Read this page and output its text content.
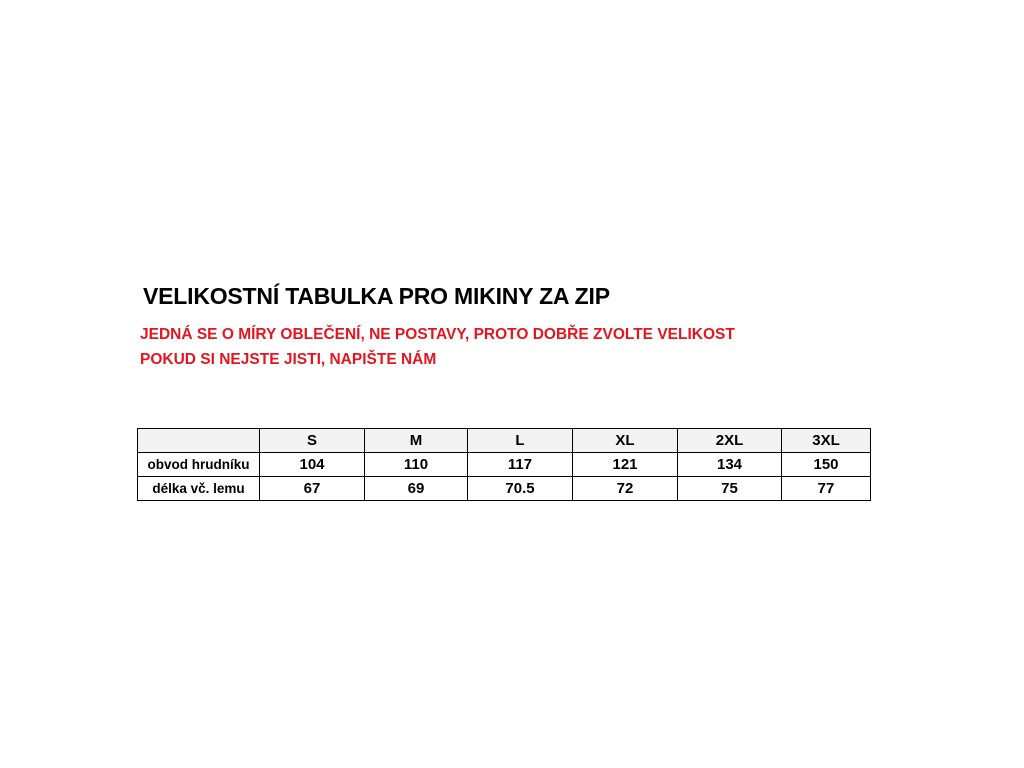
VELIKOSTNÍ TABULKA PRO MIKINY ZA ZIP
JEDNÁ SE O MÍRY OBLEČENÍ, NE POSTAVY, PROTO DOBŘE ZVOLTE VELIKOST
POKUD SI NEJSTE JISTI, NAPIŠTE NÁM
	S	M	L	XL	2XL	3XL
obvod hrudníku	104	110	117	121	134	150
délka vč. lemu	67	69	70.5	72	75	77
